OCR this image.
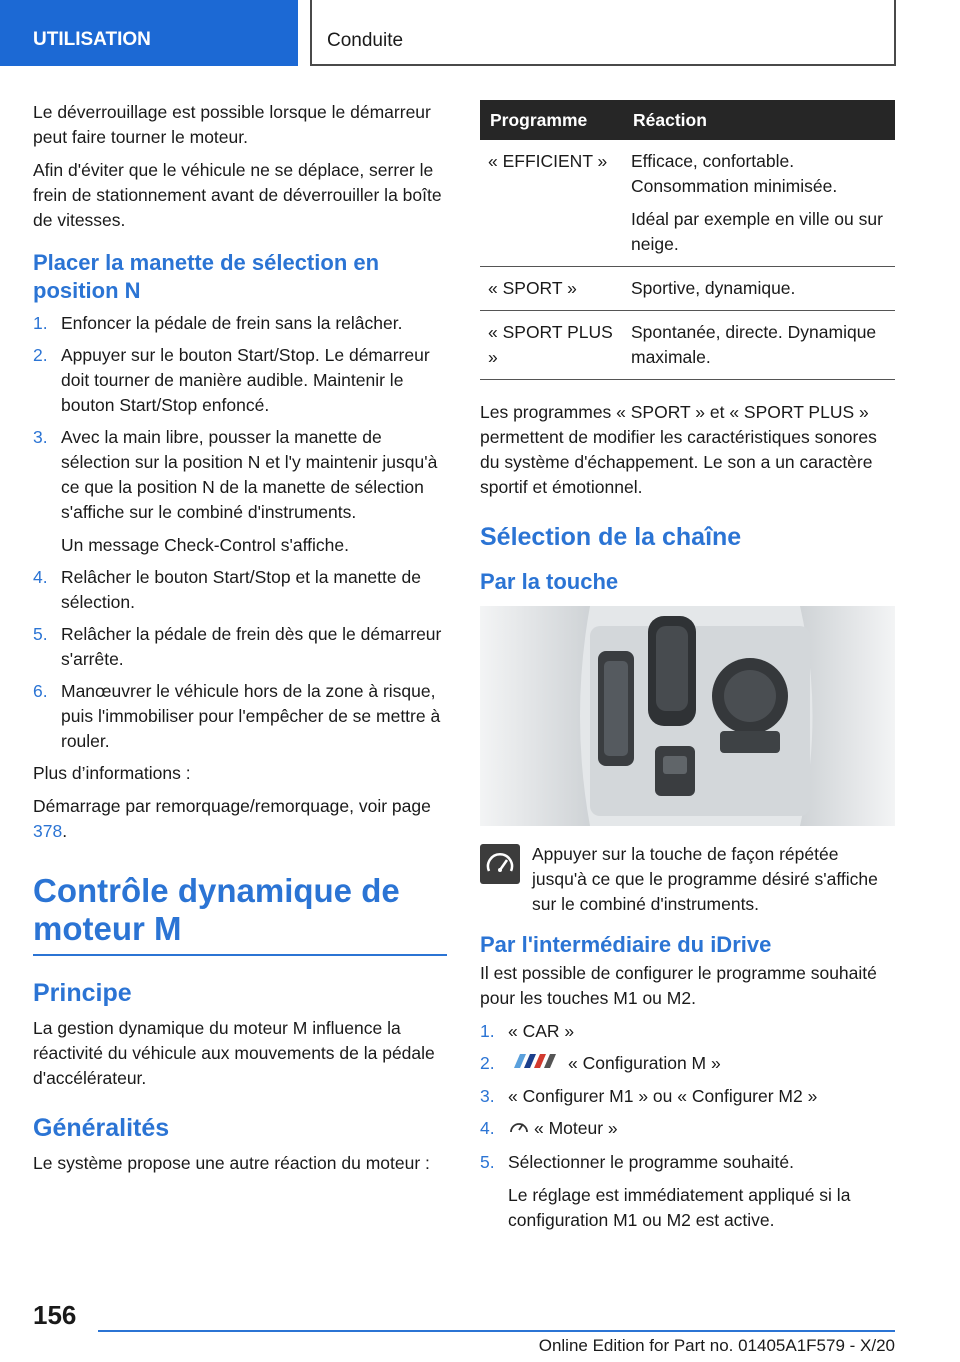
UTILISATION	Conduite

Le déverrouillage est possible lorsque le démarreur peut faire tourner le moteur.

Afin d'éviter que le véhicule ne se déplace, serrer le frein de stationnement avant de déverrouiller la boîte de vitesses.

Placer la manette de sélection en position N
1. Enfoncer la pédale de frein sans la relâcher.
2. Appuyer sur le bouton Start/Stop. Le démarreur doit tourner de manière audible. Maintenir le bouton Start/Stop enfoncé.
3. Avec la main libre, pousser la manette de sélection sur la position N et l'y maintenir jusqu'à ce que la position N de la manette de sélection s'affiche sur le combiné d'instruments.
Un message Check-Control s'affiche.
4. Relâcher le bouton Start/Stop et la manette de sélection.
5. Relâcher la pédale de frein dès que le démarreur s'arrête.
6. Manœuvrer le véhicule hors de la zone à risque, puis l'immobiliser pour l'empêcher de se mettre à rouler.

Plus d’informations :

Démarrage par remorquage/remorquage, voir page 378.

Contrôle dynamique de moteur M
Principe

La gestion dynamique du moteur M influence la réactivité du véhicule aux mouvements de la pédale d'accélérateur.

Généralités

Le système propose une autre réaction du moteur :

Programme	Réaction
« EFFICIENT »	Efficace, confortable. Consommation minimisée.

Idéal par exemple en ville ou sur neige.

« SPORT »	Sportive, dynamique.

« SPORT PLUS »	Spontanée, directe. Dynamique maximale.

Les programmes « SPORT » et « SPORT PLUS » permettent de modifier les caractéristiques sonores du système d'échappement. Le son a un caractère sportif et émotionnel.

Sélection de la chaîne
Par la touche
Appuyer sur la touche de façon répétée jusqu'à ce que le programme désiré s'affiche sur le combiné d'instruments.
Par l'intermédiaire du iDrive

Il est possible de configurer le programme souhaité pour les touches M1 ou M2.

1. « CAR »
2.	« Configuration M »
3. « Configurer M1 » ou « Configurer M2 »
4. « Moteur »
5. Sélectionner le programme souhaité.
Le réglage est immédiatement appliqué si la configuration M1 ou M2 est active.
156
Online Edition for Part no. 01405A1F579 - X/20
